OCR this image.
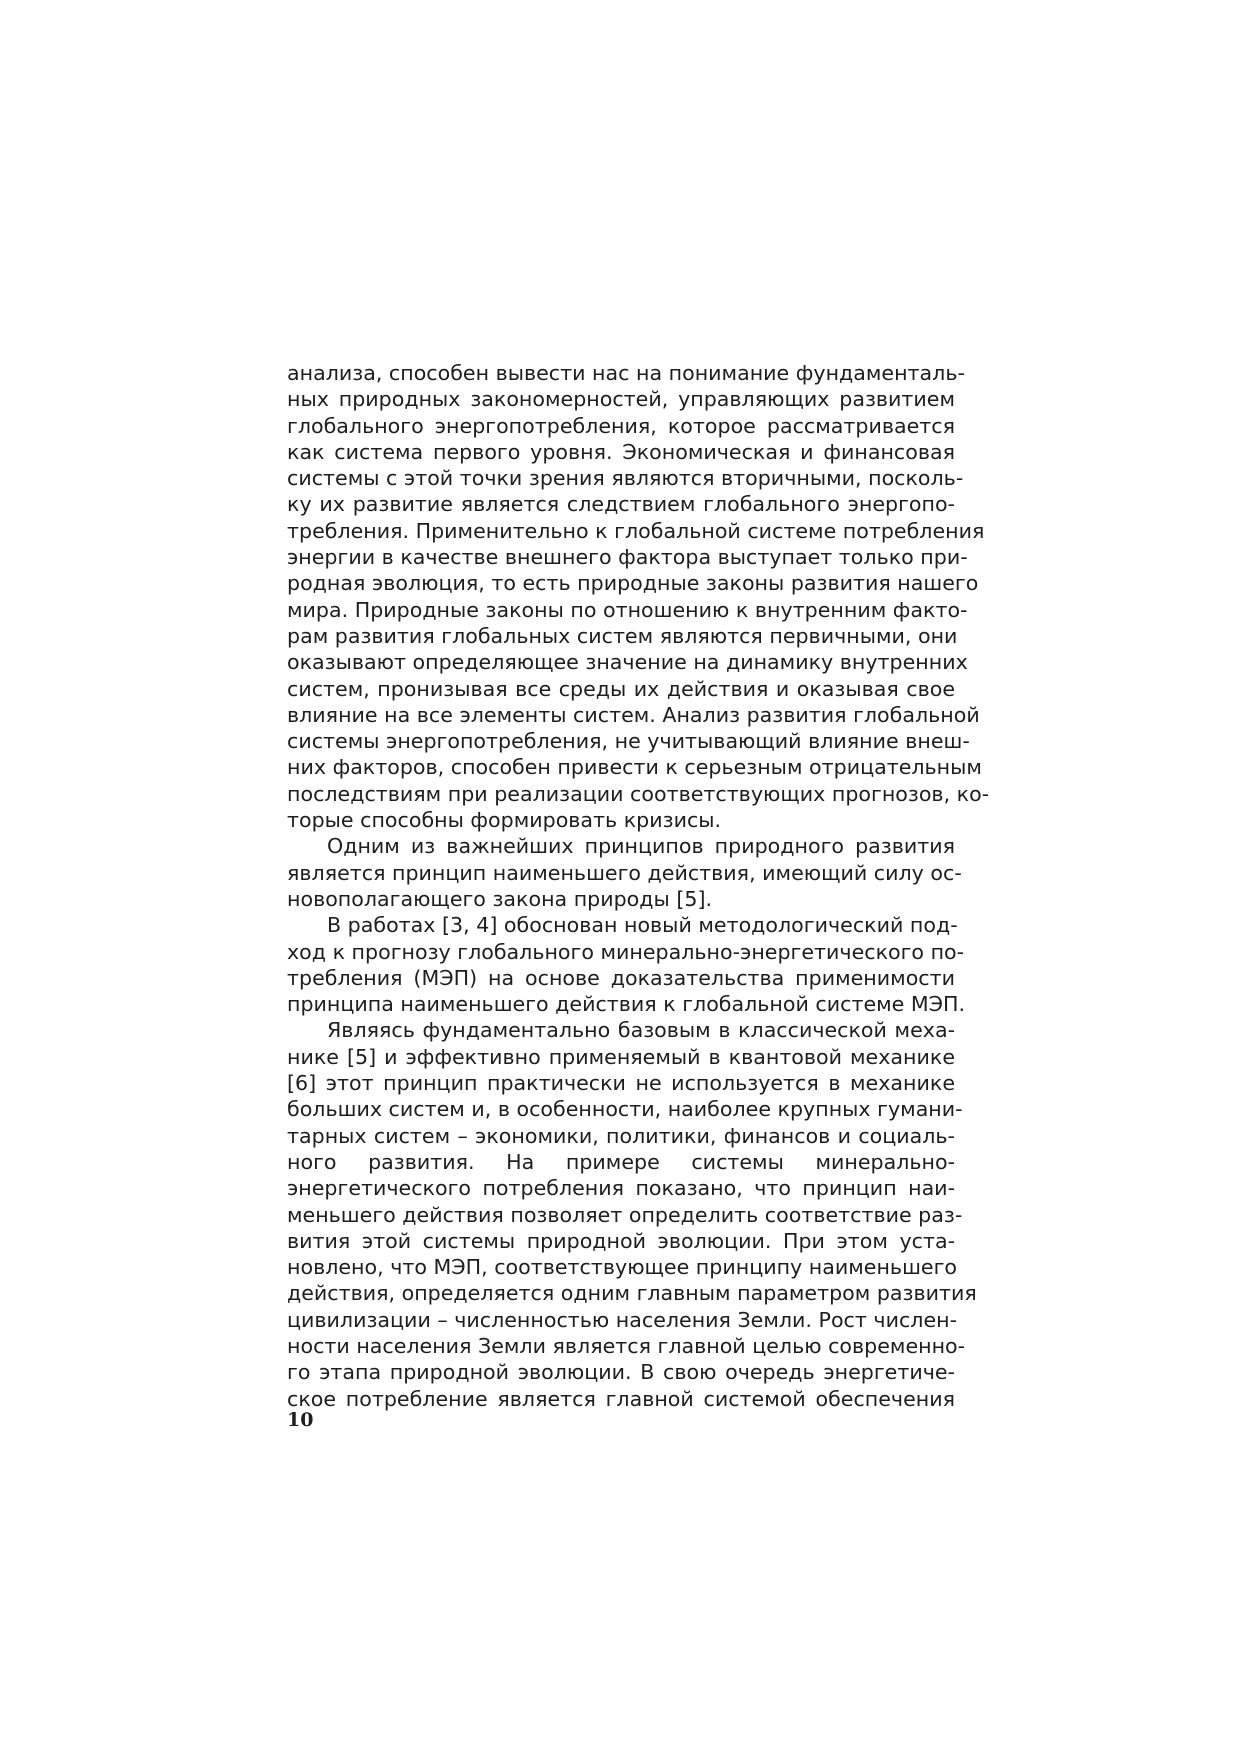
анализа, способен вывести нас на понимание фундаменталь-
ных природных закономерностей, управляющих развитием
глобального энергопотребления, которое рассматривается
как система первого уровня. Экономическая и финансовая
системы с этой точки зрения являются вторичными, посколь-
ку их развитие является следствием глобального энергопо-
требления. Применительно к глобальной системе потребления
энергии в качестве внешнего фактора выступает только при-
родная эволюция, то есть природные законы развития нашего
мира. Природные законы по отношению к внутренним факто-
рам развития глобальных систем являются первичными, они
оказывают определяющее значение на динамику внутренних
систем, пронизывая все среды их действия и оказывая свое
влияние на все элементы систем. Анализ развития глобальной
системы энергопотребления, не учитывающий влияние внеш-
них факторов, способен привести к серьезным отрицательным
последствиям при реализации соответствующих прогнозов, ко-
торые способны формировать кризисы.
Одним из важнейших принципов природного развития
является принцип наименьшего действия, имеющий силу ос-
новополагающего закона природы [5].
В работах [3, 4] обоснован новый методологический под-
ход к прогнозу глобального минерально-энергетического по-
требления (МЭП) на основе доказательства применимости
принципа наименьшего действия к глобальной системе МЭП.
Являясь фундаментально базовым в классической меха-
нике [5] и эффективно применяемый в квантовой механике
[6] этот принцип практически не используется в механике
больших систем и, в особенности, наиболее крупных гумани-
тарных систем – экономики, политики, финансов и социаль-
ного развития. На примере системы минерально-
энергетического потребления показано, что принцип наи-
меньшего действия позволяет определить соответствие раз-
вития этой системы природной эволюции. При этом уста-
новлено, что МЭП, соответствующее принципу наименьшего
действия, определяется одним главным параметром развития
цивилизации – численностью населения Земли. Рост числен-
ности населения Земли является главной целью современно-
го этапа природной эволюции. В свою очередь энергетиче-
ское потребление является главной системой обеспечения
10
